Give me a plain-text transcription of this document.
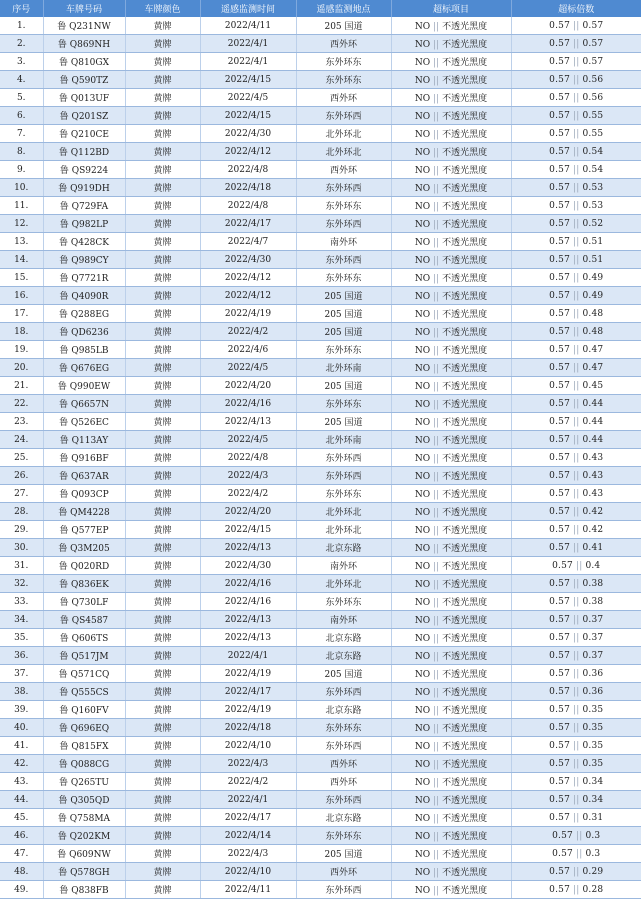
序号	车牌号码	车牌颜色	遥感监测时间	遥感监测地点	超标项目	超标倍数
1.	鲁 Q231NW	黄牌	2022/4/11	205 国道	NO || 不透光黑度	0.57 || 0.57
2.	鲁 Q869NH	黄牌	2022/4/1	西外环	NO || 不透光黑度	0.57 || 0.57
3.	鲁 Q810GX	黄牌	2022/4/1	东外环东	NO || 不透光黑度	0.57 || 0.57
4.	鲁 Q590TZ	黄牌	2022/4/15	东外环东	NO || 不透光黑度	0.57 || 0.56
5.	鲁 Q013UF	黄牌	2022/4/5	西外环	NO || 不透光黑度	0.57 || 0.56
6.	鲁 Q201SZ	黄牌	2022/4/15	东外环西	NO || 不透光黑度	0.57 || 0.55
7.	鲁 Q210CE	黄牌	2022/4/30	北外环北	NO || 不透光黑度	0.57 || 0.55
8.	鲁 Q112BD	黄牌	2022/4/12	北外环北	NO || 不透光黑度	0.57 || 0.54
9.	鲁 QS9224	黄牌	2022/4/8	西外环	NO || 不透光黑度	0.57 || 0.54
10.	鲁 Q919DH	黄牌	2022/4/18	东外环西	NO || 不透光黑度	0.57 || 0.53
11.	鲁 Q729FA	黄牌	2022/4/8	东外环东	NO || 不透光黑度	0.57 || 0.53
12.	鲁 Q982LP	黄牌	2022/4/17	东外环西	NO || 不透光黑度	0.57 || 0.52
13.	鲁 Q428CK	黄牌	2022/4/7	南外环	NO || 不透光黑度	0.57 || 0.51
14.	鲁 Q989CY	黄牌	2022/4/30	东外环西	NO || 不透光黑度	0.57 || 0.51
15.	鲁 Q7721R	黄牌	2022/4/12	东外环东	NO || 不透光黑度	0.57 || 0.49
16.	鲁 Q4090R	黄牌	2022/4/12	205 国道	NO || 不透光黑度	0.57 || 0.49
17.	鲁 Q288EG	黄牌	2022/4/19	205 国道	NO || 不透光黑度	0.57 || 0.48
18.	鲁 QD6236	黄牌	2022/4/2	205 国道	NO || 不透光黑度	0.57 || 0.48
19.	鲁 Q985LB	黄牌	2022/4/6	东外环东	NO || 不透光黑度	0.57 || 0.47
20.	鲁 Q676EG	黄牌	2022/4/5	北外环南	NO || 不透光黑度	0.57 || 0.47
21.	鲁 Q990EW	黄牌	2022/4/20	205 国道	NO || 不透光黑度	0.57 || 0.45
22.	鲁 Q6657N	黄牌	2022/4/16	东外环东	NO || 不透光黑度	0.57 || 0.44
23.	鲁 Q526EC	黄牌	2022/4/13	205 国道	NO || 不透光黑度	0.57 || 0.44
24.	鲁 Q113AY	黄牌	2022/4/5	北外环南	NO || 不透光黑度	0.57 || 0.44
25.	鲁 Q916BF	黄牌	2022/4/8	东外环西	NO || 不透光黑度	0.57 || 0.43
26.	鲁 Q637AR	黄牌	2022/4/3	东外环西	NO || 不透光黑度	0.57 || 0.43
27.	鲁 Q093CP	黄牌	2022/4/2	东外环东	NO || 不透光黑度	0.57 || 0.43
28.	鲁 QM4228	黄牌	2022/4/20	北外环北	NO || 不透光黑度	0.57 || 0.42
29.	鲁 Q577EP	黄牌	2022/4/15	北外环北	NO || 不透光黑度	0.57 || 0.42
30.	鲁 Q3M205	黄牌	2022/4/13	北京东路	NO || 不透光黑度	0.57 || 0.41
31.	鲁 Q020RD	黄牌	2022/4/30	南外环	NO || 不透光黑度	0.57 || 0.4
32.	鲁 Q836EK	黄牌	2022/4/16	北外环北	NO || 不透光黑度	0.57 || 0.38
33.	鲁 Q730LF	黄牌	2022/4/16	东外环东	NO || 不透光黑度	0.57 || 0.38
34.	鲁 QS4587	黄牌	2022/4/13	南外环	NO || 不透光黑度	0.57 || 0.37
35.	鲁 Q606TS	黄牌	2022/4/13	北京东路	NO || 不透光黑度	0.57 || 0.37
36.	鲁 Q517JM	黄牌	2022/4/1	北京东路	NO || 不透光黑度	0.57 || 0.37
37.	鲁 Q571CQ	黄牌	2022/4/19	205 国道	NO || 不透光黑度	0.57 || 0.36
38.	鲁 Q555CS	黄牌	2022/4/17	东外环西	NO || 不透光黑度	0.57 || 0.36
39.	鲁 Q160FV	黄牌	2022/4/19	北京东路	NO || 不透光黑度	0.57 || 0.35
40.	鲁 Q696EQ	黄牌	2022/4/18	东外环东	NO || 不透光黑度	0.57 || 0.35
41.	鲁 Q815FX	黄牌	2022/4/10	东外环西	NO || 不透光黑度	0.57 || 0.35
42.	鲁 Q088CG	黄牌	2022/4/3	西外环	NO || 不透光黑度	0.57 || 0.35
43.	鲁 Q265TU	黄牌	2022/4/2	西外环	NO || 不透光黑度	0.57 || 0.34
44.	鲁 Q305QD	黄牌	2022/4/1	东外环西	NO || 不透光黑度	0.57 || 0.34
45.	鲁 Q758MA	黄牌	2022/4/17	北京东路	NO || 不透光黑度	0.57 || 0.31
46.	鲁 Q202KM	黄牌	2022/4/14	东外环东	NO || 不透光黑度	0.57 || 0.3
47.	鲁 Q609NW	黄牌	2022/4/3	205 国道	NO || 不透光黑度	0.57 || 0.3
48.	鲁 Q578GH	黄牌	2022/4/10	西外环	NO || 不透光黑度	0.57 || 0.29
49.	鲁 Q838FB	黄牌	2022/4/11	东外环西	NO || 不透光黑度	0.57 || 0.28
